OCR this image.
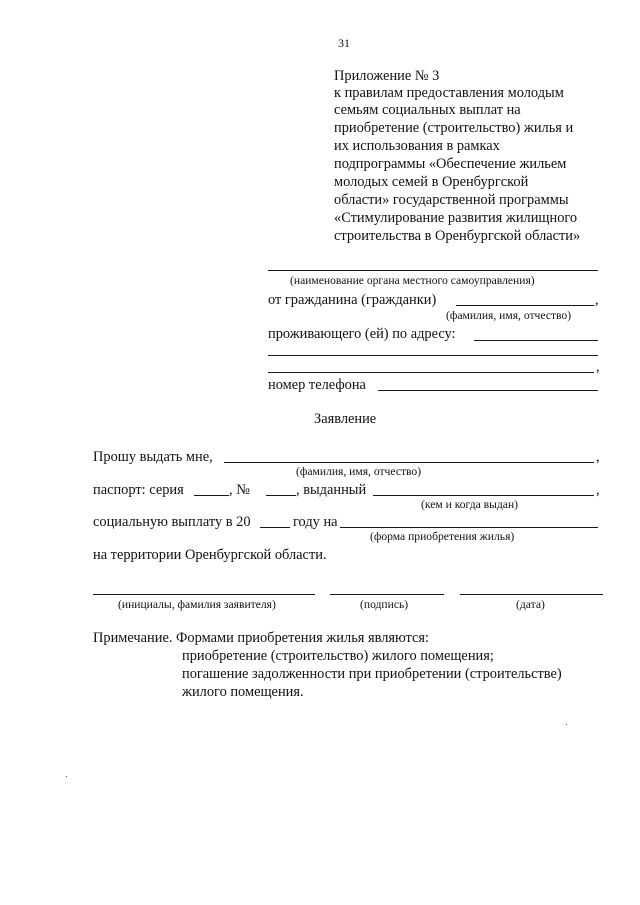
31
Приложение № 3
к правилам предоставления молодым
семьям социальных выплат на
приобретение (строительство) жилья и
их использования в рамках
подпрограммы «Обеспечение жильем
молодых семей в Оренбургской
области» государственной программы
«Стимулирование развития жилищного
строительства в Оренбургской области»
(наименование органа местного самоуправления)
от гражданина (гражданки)	,
(фамилия, имя, отчество)
проживающего (ей) по адресу:
,
номер телефона
Заявление
Прошу выдать мне,	,
(фамилия, имя, отчество)
паспорт: серия	, №	, выданный	,
(кем и когда выдан)
социальную выплату в 20	году на
(форма приобретения жилья)
на территории Оренбургской области.
(инициалы, фамилия заявителя)	(подпись)	(дата)
Примечание. Формами приобретения жилья являются:
приобретение (строительство) жилого помещения;
погашение задолженности при приобретении (строительстве)
жилого помещения.
